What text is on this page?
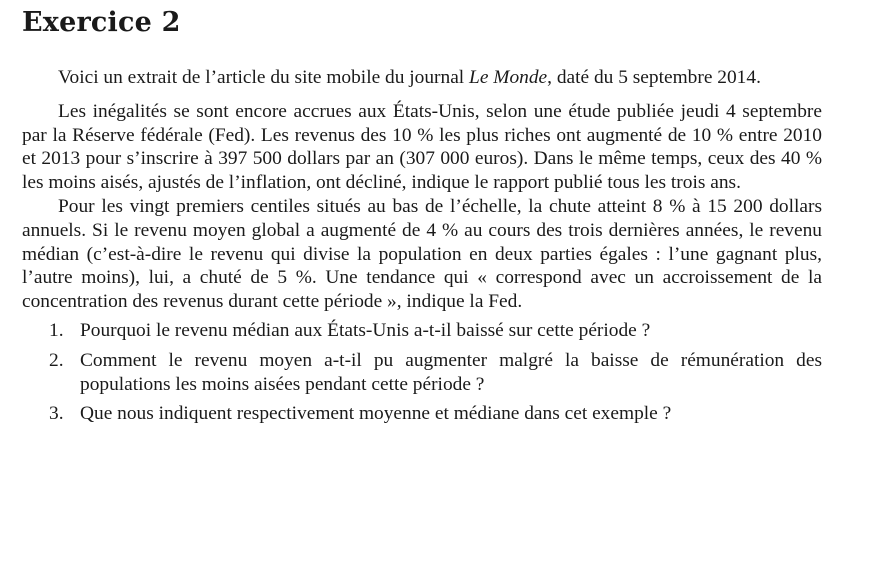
Exercice 2

Voici un extrait de l’article du site mobile du journal Le Monde, daté du 5 septembre 2014.

Les inégalités se sont encore accrues aux États-Unis, selon une étude publiée jeudi 4 septembre par la Réserve fédérale (Fed). Les revenus des 10 % les plus riches ont augmenté de 10 % entre 2010 et 2013 pour s’inscrire à 397 500 dollars par an (307 000 euros). Dans le même temps, ceux des 40 % les moins aisés, ajustés de l’inflation, ont décliné, indique le rapport publié tous les trois ans.

Pour les vingt premiers centiles situés au bas de l’échelle, la chute atteint 8 % à 15 200 dollars annuels. Si le revenu moyen global a augmenté de 4 % au cours des trois dernières années, le revenu médian (c’est-à-dire le revenu qui divise la population en deux parties égales : l’une gagnant plus, l’autre moins), lui, a chuté de 5 %. Une tendance qui « correspond avec un accroissement de la concentration des revenus durant cette période », indique la Fed.

1. Pourquoi le revenu médian aux États-Unis a-t-il baissé sur cette période ?
2. Comment le revenu moyen a-t-il pu augmenter malgré la baisse de rémunération des populations les moins aisées pendant cette période ?
3. Que nous indiquent respectivement moyenne et médiane dans cet exemple ?
